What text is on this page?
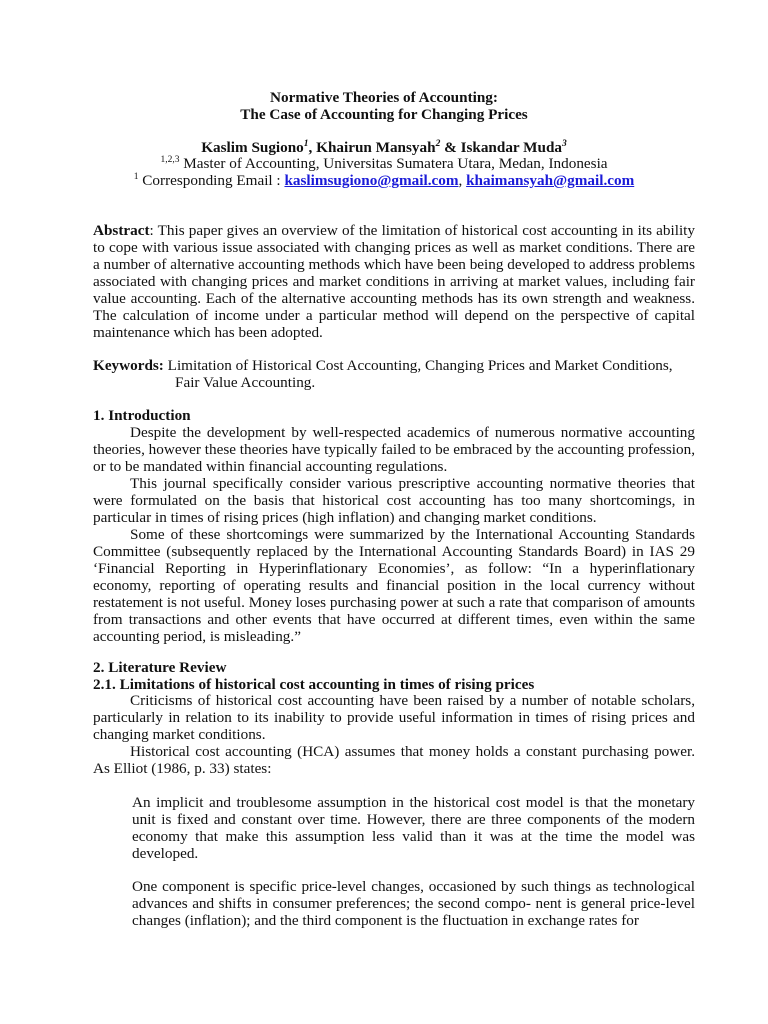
Normative Theories of Accounting:
The Case of Accounting for Changing Prices
Kaslim Sugiono$^1$, Khairun Mansyah$^2$ & Iskandar Muda$^3$
$^{1,2,3}$ Master of Accounting, Universitas Sumatera Utara, Medan, Indonesia
$^1$ Corresponding Email : kaslimsugiono@gmail.com, khaimansyah@gmail.com

Abstract: This paper gives an overview of the limitation of historical cost accounting in its ability to cope with various issue associated with changing prices as well as market conditions. There are a number of alternative accounting methods which have been being developed to address problems associated with changing prices and market conditions in arriving at market values, including fair value accounting. Each of the alternative accounting methods has its own strength and weakness. The calculation of income under a particular method will depend on the perspective of capital maintenance which has been adopted.

Keywords: Limitation of Historical Cost Accounting, Changing Prices and Market Conditions,
Fair Value Accounting.
1. Introduction

Despite the development by well-respected academics of numerous normative accounting theories, however these theories have typically failed to be embraced by the accounting profession, or to be mandated within financial accounting regulations.

This journal specifically consider various prescriptive accounting normative theories that were formulated on the basis that historical cost accounting has too many shortcomings, in particular in times of rising prices (high inflation) and changing market conditions.

Some of these shortcomings were summarized by the International Accounting Standards Committee (subsequently replaced by the International Accounting Standards Board) in IAS 29 ‘Financial Reporting in Hyperinflationary Economies’, as follow: “In a hyperinflationary economy, reporting of operating results and financial position in the local currency without restatement is not useful. Money loses purchasing power at such a rate that comparison of amounts from transactions and other events that have occurred at different times, even within the same accounting period, is misleading.”

2. Literature Review
2.1. Limitations of historical cost accounting in times of rising prices

Criticisms of historical cost accounting have been raised by a number of notable scholars, particularly in relation to its inability to provide useful information in times of rising prices and changing market conditions.

Historical cost accounting (HCA) assumes that money holds a constant purchasing power. As Elliot (1986, p. 33) states:

An implicit and troublesome assumption in the historical cost model is that the monetary unit is fixed and constant over time. However, there are three components of the modern economy that make this assumption less valid than it was at the time the model was developed.

One component is specific price-level changes, occasioned by such things as technological advances and shifts in consumer preferences; the second compo- nent is general price-level changes (inflation); and the third component is the fluctuation in exchange rates for
